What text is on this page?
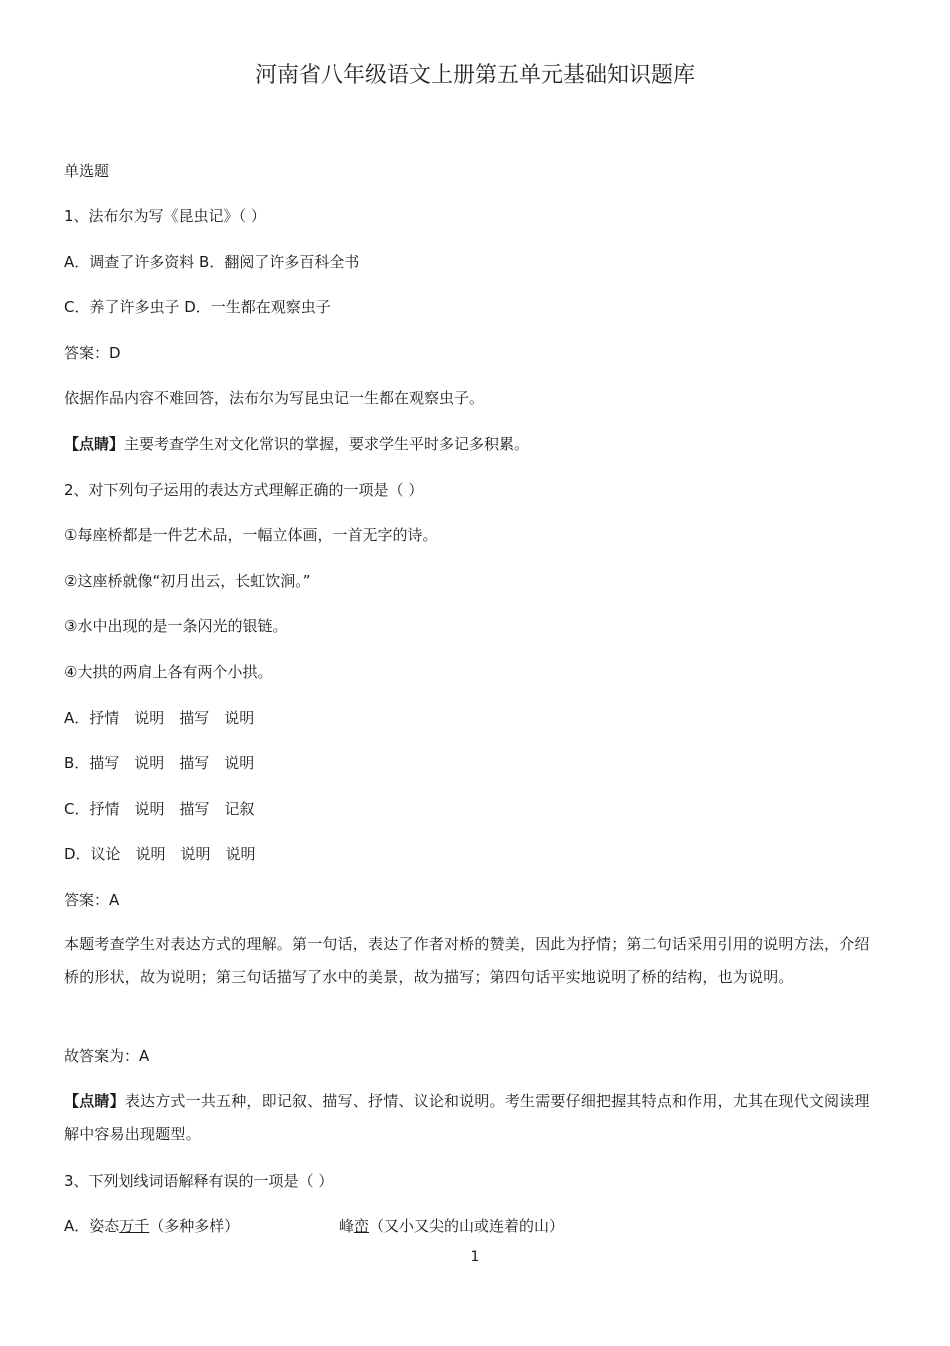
河南省八年级语文上册第五单元基础知识题库
单选题
1、法布尔为写《昆虫记》（ ）
A．调查了许多资料 B．翻阅了许多百科全书
C．养了许多虫子 D．一生都在观察虫子
答案：D
依据作品内容不难回答，法布尔为写昆虫记一生都在观察虫子。
【点睛】主要考查学生对文化常识的掌握，要求学生平时多记多积累。
2、对下列句子运用的表达方式理解正确的一项是（ ）
①每座桥都是一件艺术品，一幅立体画，一首无字的诗。
②这座桥就像“初月出云，长虹饮涧。”
③水中出现的是一条闪光的银链。
④大拱的两肩上各有两个小拱。
A．抒情　说明　描写　说明
B．描写　说明　描写　说明
C．抒情　说明　描写　记叙
D．议论　说明　说明　说明
答案：A
本题考查学生对表达方式的理解。第一句话，表达了作者对桥的赞美，因此为抒情；第二句话采用引用的说明方法，介绍桥的形状，故为说明；第三句话描写了水中的美景，故为描写；第四句话平实地说明了桥的结构，也为说明。
故答案为：A
【点睛】表达方式一共五种，即记叙、描写、抒情、议论和说明。考生需要仔细把握其特点和作用，尤其在现代文阅读理解中容易出现题型。
3、下列划线词语解释有误的一项是（ ）
A．姿态万千（多种多样）	峰峦（又小又尖的山或连着的山）
1
